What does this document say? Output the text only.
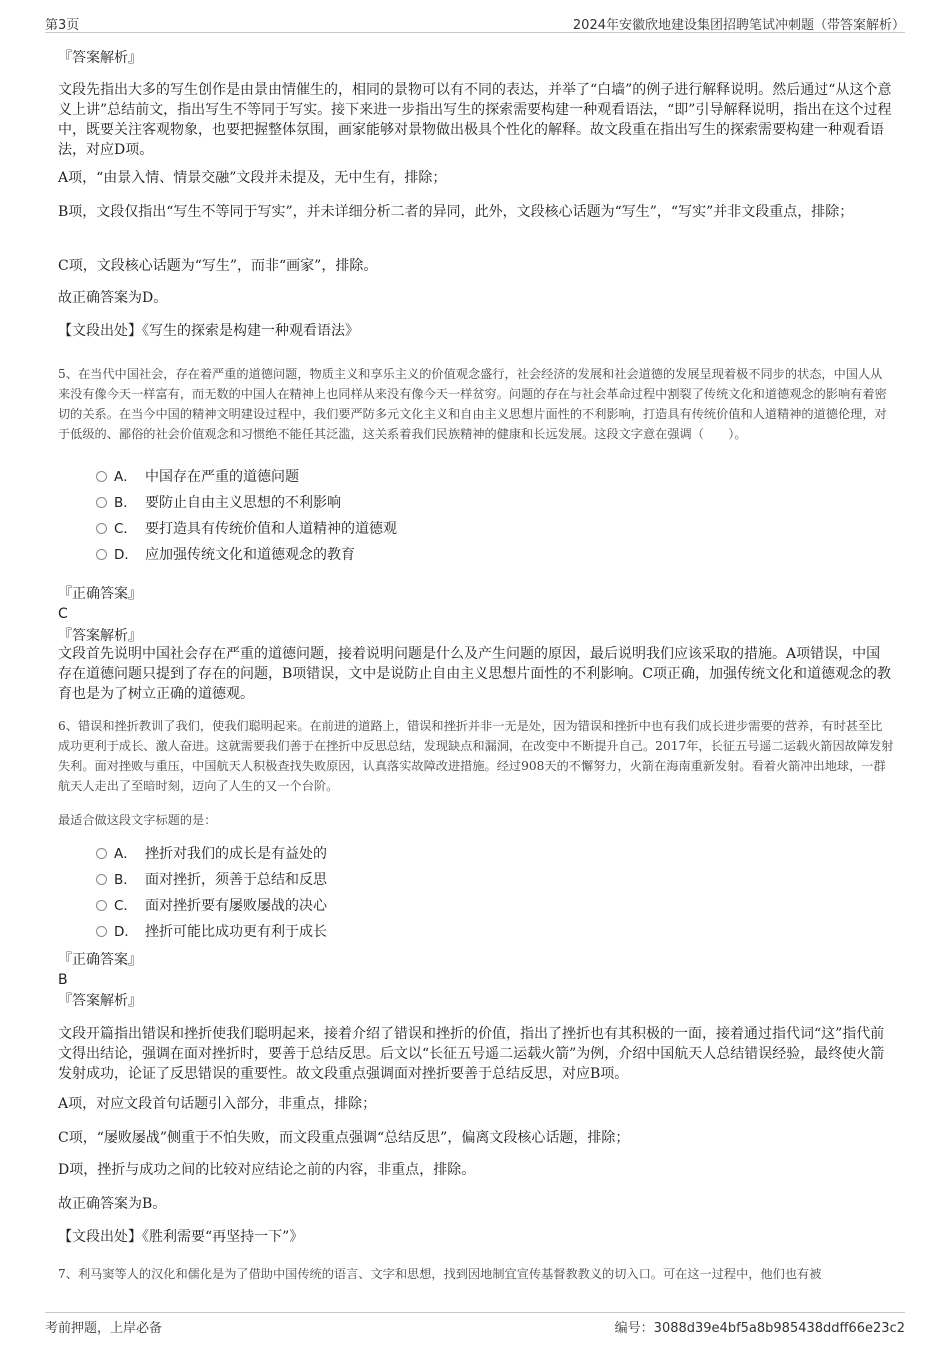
第3页	2024年安徽欣地建设集团招聘笔试冲刺题（带答案解析）
『答案解析』
文段先指出大多的写生创作是由景由情催生的，相同的景物可以有不同的表达，并举了“白墙”的例子进行解释说明。然后通过“从这个意义上讲”总结前文，指出写生不等同于写实。接下来进一步指出写生的探索需要构建一种观看语法，“即”引导解释说明，指出在这个过程中，既要关注客观物象，也要把握整体氛围，画家能够对景物做出极具个性化的解释。故文段重在指出写生的探索需要构建一种观看语法，对应D项。
A项，“由景入情、情景交融”文段并未提及，无中生有，排除；
B项，文段仅指出“写生不等同于写实”，并未详细分析二者的异同，此外，文段核心话题为“写生”，“写实”并非文段重点，排除；
C项，文段核心话题为“写生”，而非“画家”，排除。
故正确答案为D。
【文段出处】《写生的探索是构建一种观看语法》
5、在当代中国社会，存在着严重的道德问题，物质主义和享乐主义的价值观念盛行，社会经济的发展和社会道德的发展呈现着极不同步的状态，中国人从来没有像今天一样富有，而无数的中国人在精神上也同样从来没有像今天一样贫穷。问题的存在与社会革命过程中割裂了传统文化和道德观念的影响有着密切的关系。在当今中国的精神文明建设过程中，我们要严防多元文化主义和自由主义思想片面性的不利影响，打造具有传统价值和人道精神的道德伦理，对于低级的、鄙俗的社会价值观念和习惯绝不能任其泛滥，这关系着我们民族精神的健康和长远发展。这段文字意在强调（　　）。
A． 中国存在严重的道德问题
B． 要防止自由主义思想的不利影响
C． 要打造具有传统价值和人道精神的道德观
D． 应加强传统文化和道德观念的教育
『正确答案』
C
『答案解析』
文段首先说明中国社会存在严重的道德问题，接着说明问题是什么及产生问题的原因，最后说明我们应该采取的措施。A项错误，中国存在道德问题只提到了存在的问题，B项错误，文中是说防止自由主义思想片面性的不利影响。C项正确，加强传统文化和道德观念的教育也是为了树立正确的道德观。
6、错误和挫折教训了我们，使我们聪明起来。在前进的道路上，错误和挫折并非一无是处，因为错误和挫折中也有我们成长进步需要的营养，有时甚至比成功更利于成长、激人奋进。这就需要我们善于在挫折中反思总结，发现缺点和漏洞，在改变中不断提升自己。2017年，长征五号遥二运载火箭因故障发射失利。面对挫败与重压，中国航天人积极查找失败原因，认真落实故障改进措施。经过908天的不懈努力，火箭在海南重新发射。看着火箭冲出地球，一群航天人走出了至暗时刻，迈向了人生的又一个台阶。
最适合做这段文字标题的是：
A． 挫折对我们的成长是有益处的
B． 面对挫折，须善于总结和反思
C． 面对挫折要有屡败屡战的决心
D． 挫折可能比成功更有利于成长
『正确答案』
B
『答案解析』
文段开篇指出错误和挫折使我们聪明起来，接着介绍了错误和挫折的价值，指出了挫折也有其积极的一面，接着通过指代词“这”指代前文得出结论，强调在面对挫折时，要善于总结反思。后文以“长征五号遥二运载火箭”为例，介绍中国航天人总结错误经验，最终使火箭发射成功，论证了反思错误的重要性。故文段重点强调面对挫折要善于总结反思，对应B项。
A项，对应文段首句话题引入部分，非重点，排除；
C项，“屡败屡战”侧重于不怕失败，而文段重点强调“总结反思”，偏离文段核心话题，排除；
D项，挫折与成功之间的比较对应结论之前的内容，非重点，排除。
故正确答案为B。
【文段出处】《胜利需要“再坚持一下”》
7、利马窦等人的汉化和儒化是为了借助中国传统的语言、文字和思想，找到因地制宜宣传基督教教义的切入口。可在这一过程中，他们也有被
考前押题，上岸必备	编号：3088d39e4bf5a8b985438ddff66e23c2
